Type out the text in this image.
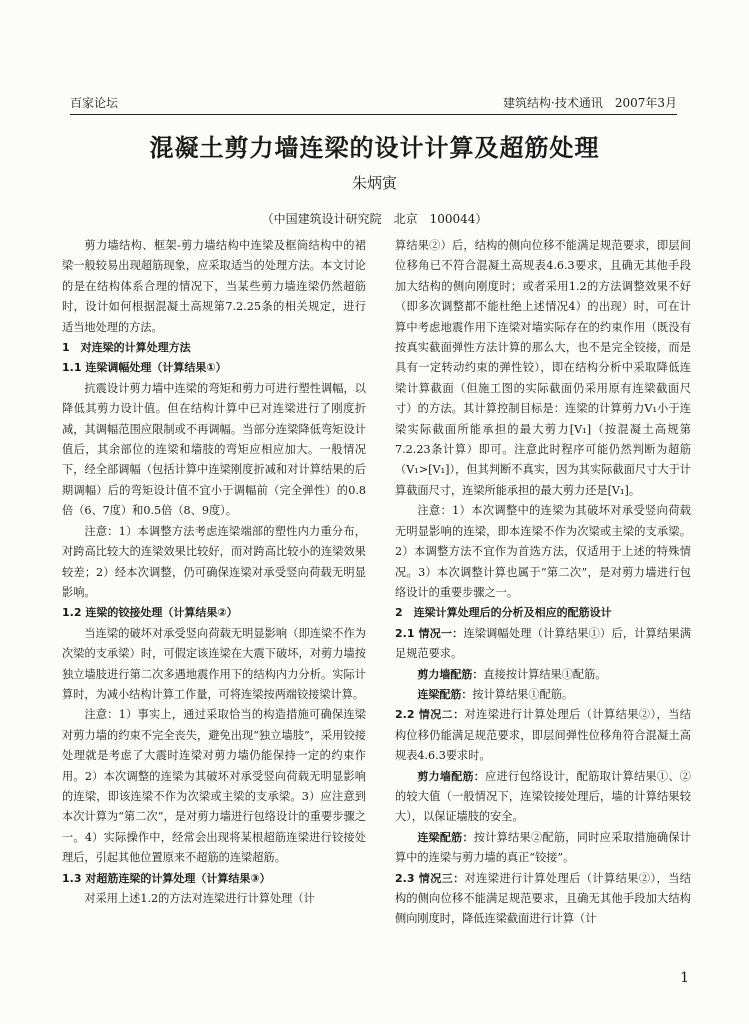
百家论坛	建筑结构·技术通讯　2007年3月
混凝土剪力墙连梁的设计计算及超筋处理
朱炳寅
（中国建筑设计研究院　北京　100044）

剪力墙结构、框架-剪力墙结构中连梁及框筒结构中的裙梁一般较易出现超筋现象，应采取适当的处理方法。本文讨论的是在结构体系合理的情况下，当某些剪力墙连梁仍然超筋时，设计如何根据混凝土高规第7.2.25条的相关规定，进行适当地处理的方法。

1　对连梁的计算处理方法
1.1 连梁调幅处理（计算结果①）

抗震设计剪力墙中连梁的弯矩和剪力可进行塑性调幅，以降低其剪力设计值。但在结构计算中已对连梁进行了刚度折减，其调幅范围应限制或不再调幅。当部分连梁降低弯矩设计值后，其余部位的连梁和墙肢的弯矩应相应加大。一般情况下，经全部调幅（包括计算中连梁刚度折减和对计算结果的后期调幅）后的弯矩设计值不宜小于调幅前（完全弹性）的0.8倍（6、7度）和0.5倍（8、9度）。

注意：1）本调整方法考虑连梁端部的塑性内力重分布，对跨高比较大的连梁效果比较好，而对跨高比较小的连梁效果较差；2）经本次调整，仍可确保连梁对承受竖向荷载无明显影响。

1.2 连梁的铰接处理（计算结果②）

当连梁的破坏对承受竖向荷载无明显影响（即连梁不作为次梁的支承梁）时，可假定该连梁在大震下破坏，对剪力墙按独立墙肢进行第二次多遇地震作用下的结构内力分析。实际计算时，为减小结构计算工作量，可将连梁按两端铰接梁计算。

注意：1）事实上，通过采取恰当的构造措施可确保连梁对剪力墙的约束不完全丧失，避免出现“独立墙肢”，采用铰接处理就是考虑了大震时连梁对剪力墙仍能保持一定的约束作用。2）本次调整的连梁为其破坏对承受竖向荷载无明显影响的连梁，即该连梁不作为次梁或主梁的支承梁。3）应注意到本次计算为“第二次”，是对剪力墙进行包络设计的重要步骤之一。4）实际操作中，经常会出现将某根超筋连梁进行铰接处理后，引起其他位置原来不超筋的连梁超筋。

1.3 对超筋连梁的计算处理（计算结果③）

对采用上述1.2的方法对连梁进行计算处理（计

算结果②）后，结构的侧向位移不能满足规范要求，即层间位移角已不符合混凝土高规表4.6.3要求，且确无其他手段加大结构的侧向刚度时；或者采用1.2的方法调整效果不好（即多次调整都不能杜绝上述情况4）的出现）时，可在计算中考虑地震作用下连梁对墙实际存在的约束作用（既没有按真实截面弹性方法计算的那么大，也不是完全铰接，而是具有一定转动约束的弹性铰），即在结构分析中采取降低连梁计算截面（但施工图的实际截面仍采用原有连梁截面尺寸）的方法。其计算控制目标是：连梁的计算剪力V₁小于连梁实际截面所能承担的最大剪力[V₁]（按混凝土高规第7.2.23条计算）即可。注意此时程序可能仍然判断为超筋（V₁>[V₁]），但其判断不真实，因为其实际截面尺寸大于计算截面尺寸，连梁所能承担的最大剪力还是[V₁]。

注意：1）本次调整中的连梁为其破坏对承受竖向荷载无明显影响的连梁，即本连梁不作为次梁或主梁的支承梁。2）本调整方法不宜作为首选方法，仅适用于上述的特殊情况。3）本次调整计算也属于“第二次”，是对剪力墙进行包络设计的重要步骤之一。

2　连梁计算处理后的分析及相应的配筋设计

2.1 情况一：连梁调幅处理（计算结果①）后，计算结果满足规范要求。

剪力墙配筋：直接按计算结果①配筋。

连梁配筋：按计算结果①配筋。

2.2 情况二：对连梁进行计算处理后（计算结果②），当结构位移仍能满足规范要求，即层间弹性位移角符合混凝土高规表4.6.3要求时。

剪力墙配筋：应进行包络设计，配筋取计算结果①、②的较大值（一般情况下，连梁铰接处理后，墙的计算结果较大），以保证墙肢的安全。

连梁配筋：按计算结果②配筋，同时应采取措施确保计算中的连梁与剪力墙的真正“铰接”。

2.3 情况三：对连梁进行计算处理后（计算结果②），当结构的侧向位移不能满足规范要求，且确无其他手段加大结构侧向刚度时，降低连梁截面进行计算（计

1
